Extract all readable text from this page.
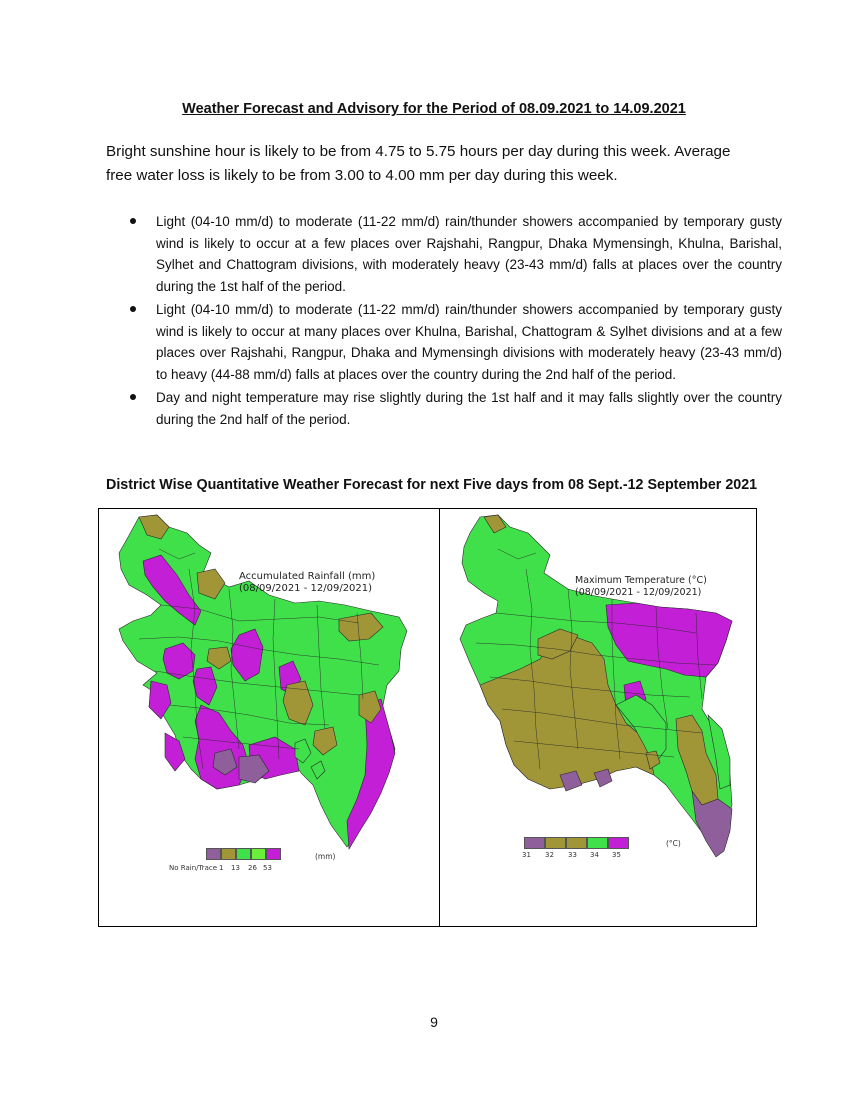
Weather Forecast and Advisory for the Period of 08.09.2021 to 14.09.2021

Bright sunshine hour is likely to be from 4.75 to 5.75 hours per day during this week. Average

free water loss is likely to be from 3.00 to 4.00 mm per day during this week.

Light (04-10 mm/d) to moderate (11-22 mm/d) rain/thunder showers accompanied by temporary gusty wind is likely to occur at a few places over Rajshahi, Rangpur, Dhaka Mymensingh, Khulna, Barishal, Sylhet and Chattogram divisions, with moderately heavy (23-43 mm/d) falls at places over the country during the 1st half of the period.
Light (04-10 mm/d) to moderate (11-22 mm/d) rain/thunder showers accompanied by temporary gusty wind is likely to occur at many places over Khulna, Barishal, Chattogram & Sylhet divisions and at a few places over Rajshahi, Rangpur, Dhaka and Mymensingh divisions with moderately heavy (23-43 mm/d) to heavy (44-88 mm/d) falls at places over the country during the 2nd half of the period.
Day and night temperature may rise slightly during the 1st half and it may falls slightly over the country during the 2nd half of the period.
District Wise Quantitative Weather Forecast for next Five days from 08 Sept.-12 September 2021
Accumulated Rainfall (mm)
(08/09/2021 - 12/09/2021)
No Rain/Trace 1 13 26 53
(mm)
Maximum Temperature (°C)
(08/09/2021 - 12/09/2021)
31 32 33 34 35
(°C)
9
